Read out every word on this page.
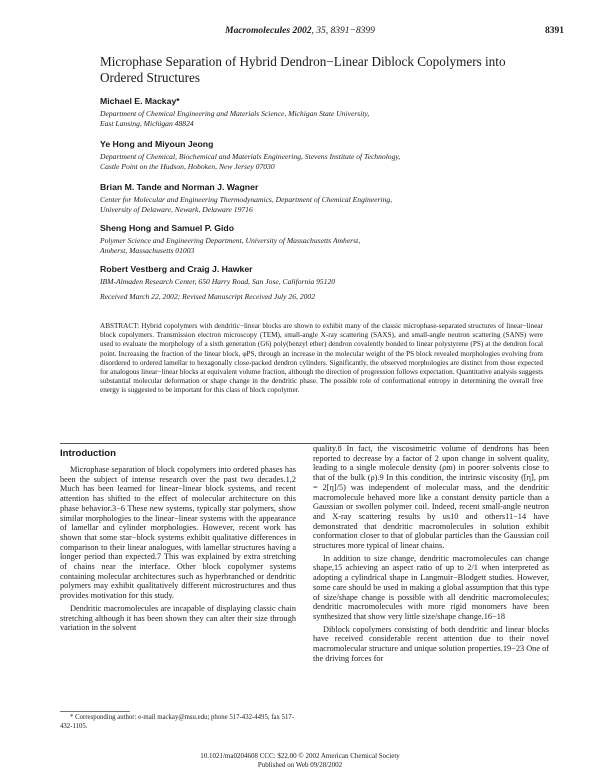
Macromolecules 2002, 35, 8391−8399	8391
Microphase Separation of Hybrid Dendron−Linear Diblock Copolymers into Ordered Structures
Michael E. Mackay*
Department of Chemical Engineering and Materials Science, Michigan State University,
East Lansing, Michigan 48824
Ye Hong and Miyoun Jeong
Department of Chemical, Biochemical and Materials Engineering, Stevens Institute of Technology,
Castle Point on the Hudson, Hoboken, New Jersey 07030
Brian M. Tande and Norman J. Wagner
Center for Molecular and Engineering Thermodynamics, Department of Chemical Engineering,
University of Delaware, Newark, Delaware 19716
Sheng Hong and Samuel P. Gido
Polymer Science and Engineering Department, University of Massachusetts Amherst,
Amherst, Massachusetts 01003
Robert Vestberg and Craig J. Hawker
IBM-Almaden Research Center, 650 Harry Road, San Jose, California 95120
Received March 22, 2002; Revised Manuscript Received July 26, 2002
ABSTRACT: Hybrid copolymers with dendritic−linear blocks are shown to exhibit many of the classic microphase-separated structures of linear−linear block copolymers. Transmission electron microscopy (TEM), small-angle X-ray scattering (SAXS), and small-angle neutron scattering (SANS) were used to evaluate the morphology of a sixth generation (G6) poly(benzyl ether) dendron covalently bonded to linear polystyrene (PS) at the dendron focal point. Increasing the fraction of the linear block, φPS, through an increase in the molecular weight of the PS block revealed morphologies evolving from disordered to ordered lamellar to hexagonally close-packed dendron cylinders. Significantly, the observed morphologies are distinct from those expected for analogous linear−linear blocks at equivalent volume fraction, although the direction of progression follows expectation. Quantitative analysis suggests substantial molecular deformation or shape change in the dendritic phase. The possible role of conformational entropy in determining the overall free energy is suggested to be important for this class of block copolymer.
Introduction

Microphase separation of block copolymers into ordered phases has been the subject of intense research over the past two decades.1,2 Much has been learned for linear−linear block systems, and recent attention has shifted to the effect of molecular architecture on this phase behavior.3−6 These new systems, typically star polymers, show similar morphologies to the linear−linear systems with the appearance of lamellar and cylinder morphologies. However, recent work has shown that some star−block systems exhibit qualitative differences in comparison to their linear analogues, with lamellar structures having a longer period than expected.7 This was explained by extra stretching of chains near the interface. Other block copolymer systems containing molecular architectures such as hyperbranched or dendritic polymers may exhibit qualitatively different microstructures and thus provides motivation for this study.

Dendritic macromolecules are incapable of displaying classic chain stretching although it has been shown they can alter their size through variation in the solvent

quality.8 In fact, the viscosimetric volume of dendrons has been reported to decrease by a factor of 2 upon change in solvent quality, leading to a single molecule density (ρm) in poorer solvents close to that of the bulk (ρ).9 In this condition, the intrinsic viscosity ([η], ρm = 2[η]/5) was independent of molecular mass, and the dendritic macromolecule behaved more like a constant density particle than a Gaussian or swollen polymer coil. Indeed, recent small-angle neutron and X-ray scattering results by us10 and others11−14 have demonstrated that dendritic macromolecules in solution exhibit conformation closer to that of globular particles than the Gaussian coil structures more typical of linear chains.

In addition to size change, dendritic macromolecules can change shape,15 achieving an aspect ratio of up to 2/1 when interpreted as adopting a cylindrical shape in Langmuir−Blodgett studies. However, some care should be used in making a global assumption that this type of size/shape change is possible with all dendritic macromolecules; dendritic macromolecules with more rigid monomers have been synthesized that show very little size/shape change.16−18

Diblock copolymers consisting of both dendritic and linear blocks have received considerable recent attention due to their novel macromolecular structure and unique solution properties.19−23 One of the driving forces for

* Corresponding author: e-mail mackay@msu.edu; phone 517-432-4495, fax 517-432-1105.
10.1021/ma0204608 CCC: $22.00 © 2002 American Chemical Society
Published on Web 09/28/2002
